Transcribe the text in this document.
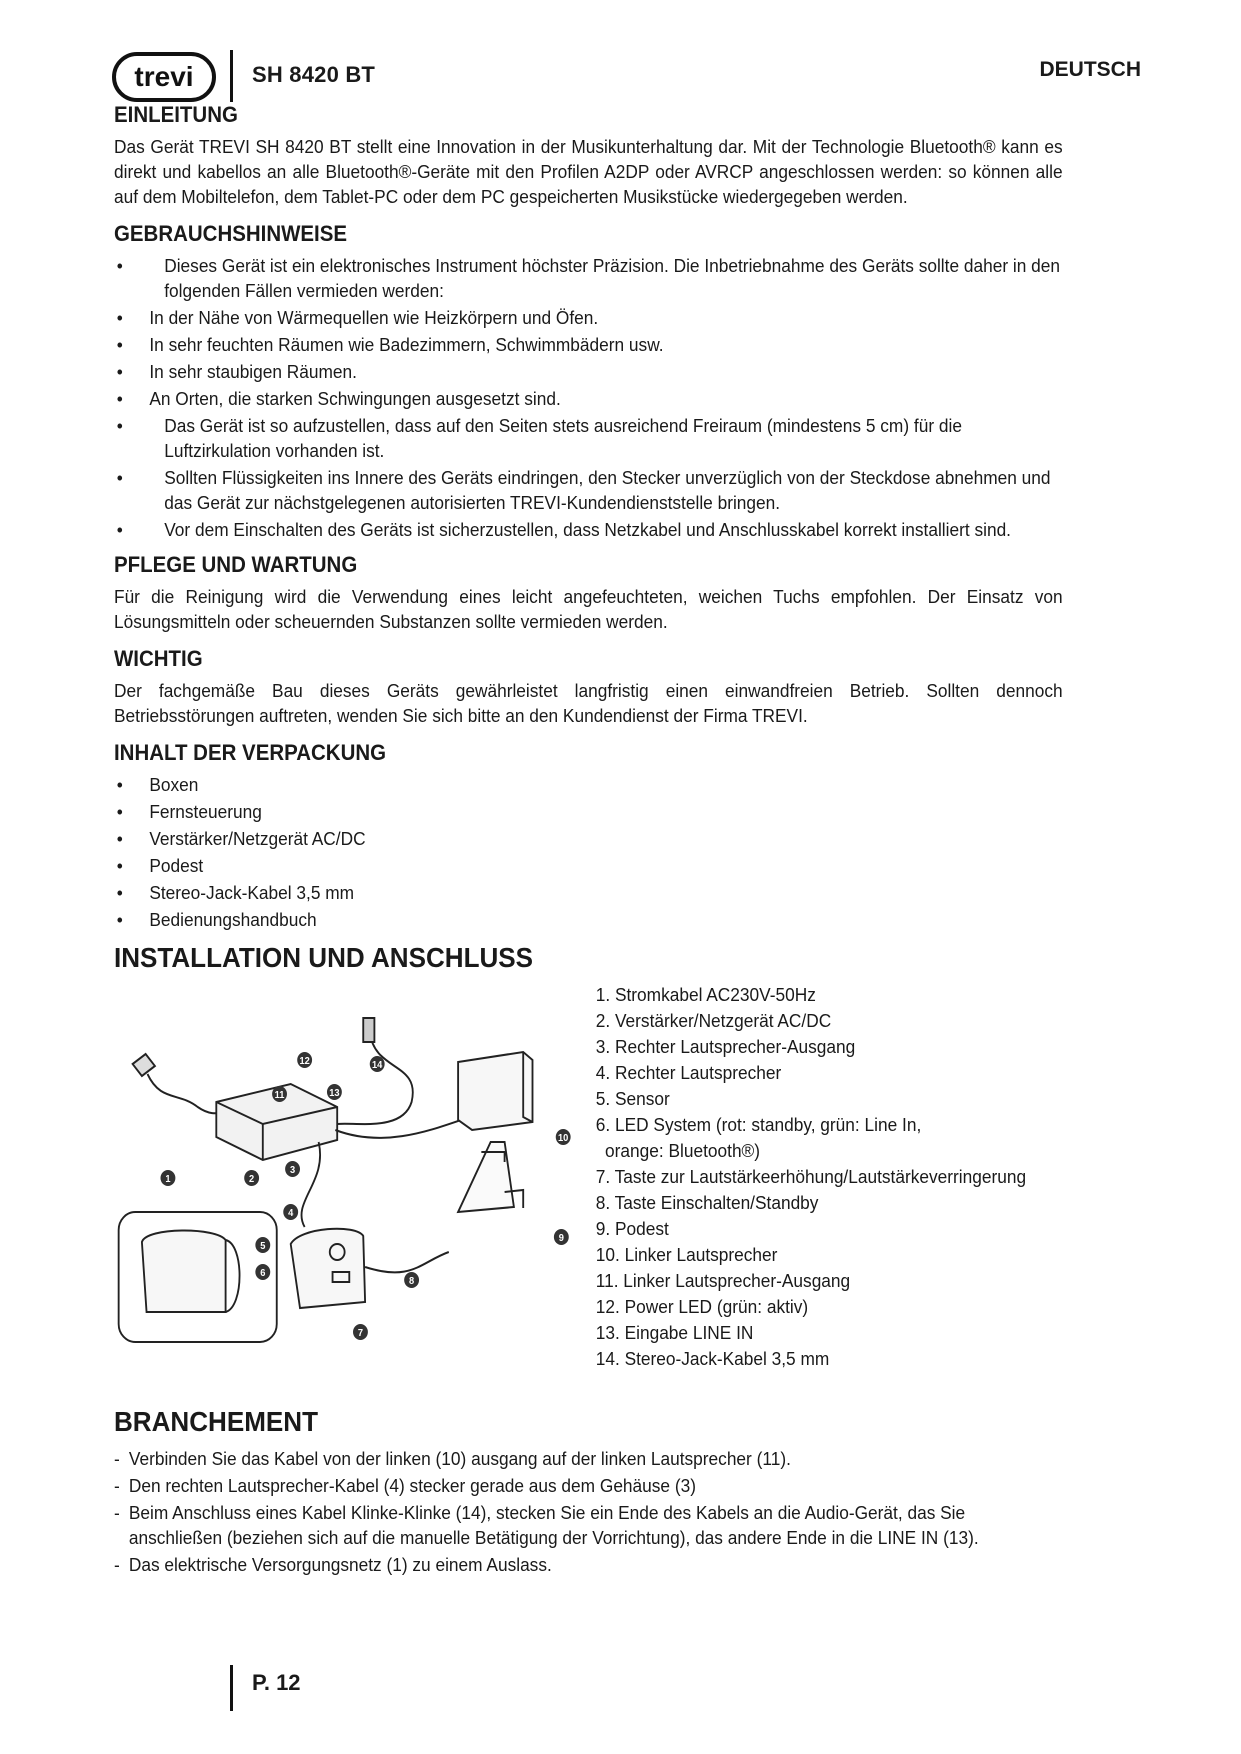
trevi	SH 8420 BT	DEUTSCH
EINLEITUNG

Das Gerät TREVI SH 8420 BT stellt eine Innovation in der Musikunterhaltung dar. Mit der Technologie Bluetooth® kann es direkt und kabellos an alle Bluetooth®-Geräte mit den Profilen A2DP oder AVRCP angeschlossen werden: so können alle auf dem Mobiltelefon, dem Tablet-PC oder dem PC gespeicherten Musikstücke wiedergegeben werden.

GEBRAUCHSHINWEISE
• Dieses Gerät ist ein elektronisches Instrument höchster Präzision. Die Inbetriebnahme des Geräts sollte daher in den folgenden Fällen vermieden werden:
• In der Nähe von Wärmequellen wie Heizkörpern und Öfen.
• In sehr feuchten Räumen wie Badezimmern, Schwimmbädern usw.
• In sehr staubigen Räumen.
• An Orten, die starken Schwingungen ausgesetzt sind.
• Das Gerät ist so aufzustellen, dass auf den Seiten stets ausreichend Freiraum (mindestens 5 cm) für die Luftzirkulation vorhanden ist.
• Sollten Flüssigkeiten ins Innere des Geräts eindringen, den Stecker unverzüglich von der Steckdose abnehmen und das Gerät zur nächstgelegenen autorisierten TREVI-Kundendienststelle bringen.
• Vor dem Einschalten des Geräts ist sicherzustellen, dass Netzkabel und Anschlusskabel korrekt installiert sind.
PFLEGE UND WARTUNG

Für die Reinigung wird die Verwendung eines leicht angefeuchteten, weichen Tuchs empfohlen. Der Einsatz von Lösungsmitteln oder scheuernden Substanzen sollte vermieden werden.

WICHTIG

Der fachgemäße Bau dieses Geräts gewährleistet langfristig einen einwandfreien Betrieb. Sollten dennoch Betriebsstörungen auftreten, wenden Sie sich bitte an den Kundendienst der Firma TREVI.

INHALT DER VERPACKUNG
• Boxen
• Fernsteuerung
• Verstärker/Netzgerät AC/DC
• Podest
• Stereo-Jack-Kabel 3,5 mm
• Bedienungshandbuch
INSTALLATION UND ANSCHLUSS
1	2
3
4
5
6
7
8
9
10
11
12
13
14
1. Stromkabel AC230V-50Hz
2. Verstärker/Netzgerät AC/DC
3. Rechter Lautsprecher-Ausgang
4. Rechter Lautsprecher
5. Sensor
6. LED System (rot: standby, grün: Line In,
orange: Bluetooth®)
7. Taste zur Lautstärkeerhöhung/Lautstärkeverringerung
8. Taste Einschalten/Standby
9. Podest
10. Linker Lautsprecher
11. Linker Lautsprecher-Ausgang
12. Power LED (grün: aktiv)
13. Eingabe LINE IN
14. Stereo-Jack-Kabel 3,5 mm
BRANCHEMENT
- Verbinden Sie das Kabel von der linken (10) ausgang auf der linken Lautsprecher (11).
- Den rechten Lautsprecher-Kabel (4) stecker gerade aus dem Gehäuse (3)
- Beim Anschluss eines Kabel Klinke-Klinke (14), stecken Sie ein Ende des Kabels an die Audio-Gerät, das Sie anschließen (beziehen sich auf die manuelle Betätigung der Vorrichtung), das andere Ende in die LINE IN (13).
- Das elektrische Versorgungsnetz (1) zu einem Auslass.
P. 12
